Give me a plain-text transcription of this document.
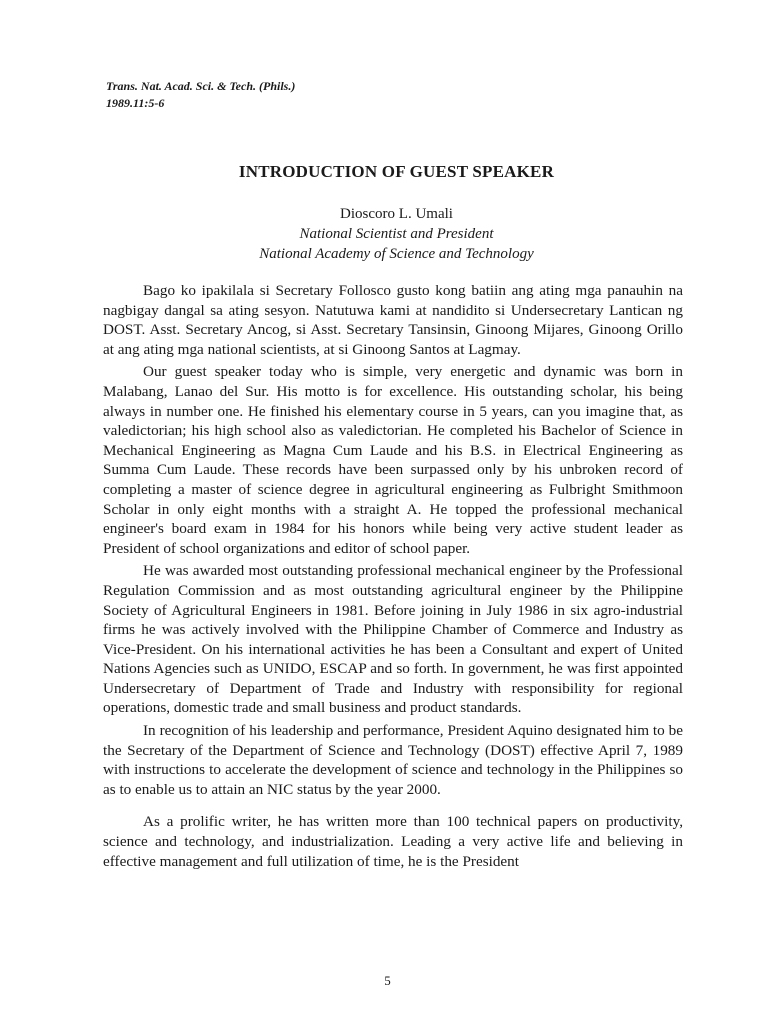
Trans. Nat. Acad. Sci. & Tech. (Phils.)
1989.11:5-6
INTRODUCTION OF GUEST SPEAKER
Dioscoro L. Umali
National Scientist and President
National Academy of Science and Technology

Bago ko ipakilala si Secretary Follosco gusto kong batiin ang ating mga panauhin na nagbigay dangal sa ating sesyon. Natutuwa kami at nandidito si Undersecretary Lantican ng DOST. Asst. Secretary Ancog, si Asst. Secretary Tansinsin, Ginoong Mijares, Ginoong Orillo at ang ating mga national scientists, at si Ginoong Santos at Lagmay.

Our guest speaker today who is simple, very energetic and dynamic was born in Malabang, Lanao del Sur. His motto is for excellence. His outstanding scholar, his being always in number one. He finished his elementary course in 5 years, can you imagine that, as valedictorian; his high school also as valedictorian. He completed his Bachelor of Science in Mechanical Engineering as Magna Cum Laude and his B.S. in Electrical Engineering as Summa Cum Laude. These records have been surpassed only by his unbroken record of completing a master of science degree in agricultural engineering as Fulbright Smithmoon Scholar in only eight months with a straight A. He topped the professional mechanical engineer's board exam in 1984 for his honors while being very active student leader as President of school organizations and editor of school paper.

He was awarded most outstanding professional mechanical engineer by the Professional Regulation Commission and as most outstanding agricultural engineer by the Philippine Society of Agricultural Engineers in 1981. Before joining in July 1986 in six agro-industrial firms he was actively involved with the Philippine Chamber of Commerce and Industry as Vice-President. On his international activities he has been a Consultant and expert of United Nations Agencies such as UNIDO, ESCAP and so forth. In government, he was first appointed Undersecretary of Department of Trade and Industry with responsibility for regional operations, domestic trade and small business and product standards.

In recognition of his leadership and performance, President Aquino designated him to be the Secretary of the Department of Science and Technology (DOST) effective April 7, 1989 with instructions to accelerate the development of science and technology in the Philippines so as to enable us to attain an NIC status by the year 2000.

As a prolific writer, he has written more than 100 technical papers on productivity, science and technology, and industrialization. Leading a very active life and believing in effective management and full utilization of time, he is the President

5
